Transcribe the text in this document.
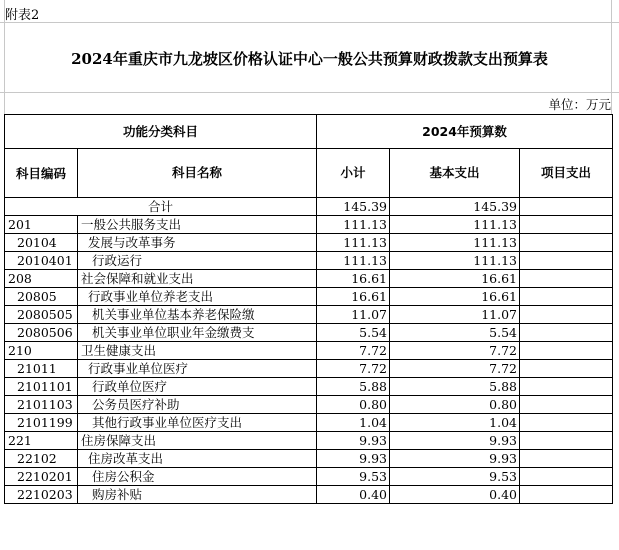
附表2
2024年重庆市九龙坡区价格认证中心一般公共预算财政拨款支出预算表
单位：万元
功能分类科目		2024年预算数		
科目编码	科目名称	小计	基本支出	项目支出
合计		145.39	145.39	
201	一般公共服务支出	111.13	111.13	
20104	发展与改革事务	111.13	111.13	
2010401	行政运行	111.13	111.13	
208	社会保障和就业支出	16.61	16.61	
20805	行政事业单位养老支出	16.61	16.61	
2080505	机关事业单位基本养老保险缴	11.07	11.07	
2080506	机关事业单位职业年金缴费支	5.54	5.54	
210	卫生健康支出	7.72	7.72	
21011	行政事业单位医疗	7.72	7.72	
2101101	行政单位医疗	5.88	5.88	
2101103	公务员医疗补助	0.80	0.80	
2101199	其他行政事业单位医疗支出	1.04	1.04	
221	住房保障支出	9.93	9.93	
22102	住房改革支出	9.93	9.93	
2210201	住房公积金	9.53	9.53	
2210203	购房补贴	0.40	0.40	
